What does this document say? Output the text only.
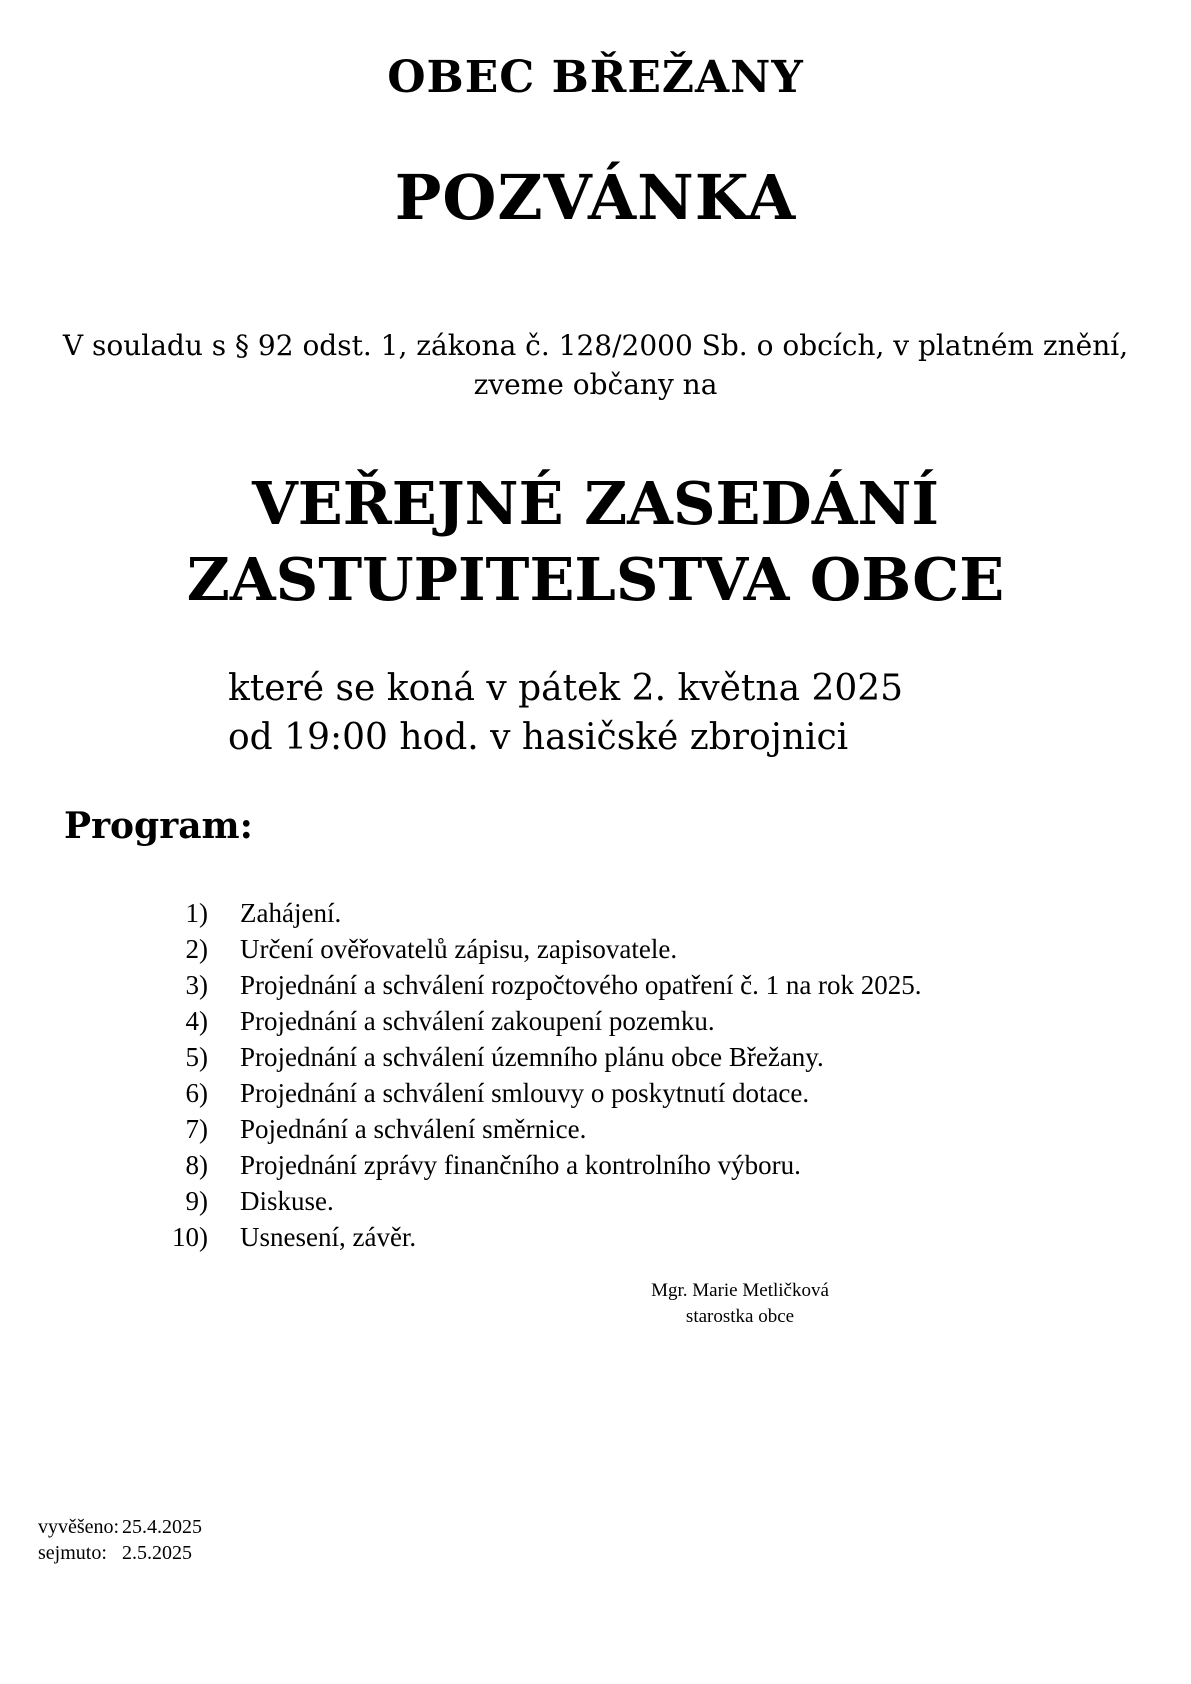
OBEC BŘEŽANY
POZVÁNKA
V souladu s § 92 odst. 1, zákona č. 128/2000 Sb. o obcích, v platném znění,
zveme občany na
VEŘEJNÉ ZASEDÁNÍ
ZASTUPITELSTVA OBCE
které se koná v pátek 2. května 2025
od 19:00 hod. v hasičské zbrojnici
Program:
1) Zahájení.
2) Určení ověřovatelů zápisu, zapisovatele.
3) Projednání a schválení rozpočtového opatření č. 1 na rok 2025.
4) Projednání a schválení zakoupení pozemku.
5) Projednání a schválení územního plánu obce Břežany.
6) Projednání a schválení smlouvy o poskytnutí dotace.
7) Pojednání a schválení směrnice.
8) Projednání zprávy finančního a kontrolního výboru.
9) Diskuse.
10) Usnesení, závěr.
Mgr. Marie Metličková
starostka obce
vyvěšeno: 25.4.2025
sejmuto: 2.5.2025
